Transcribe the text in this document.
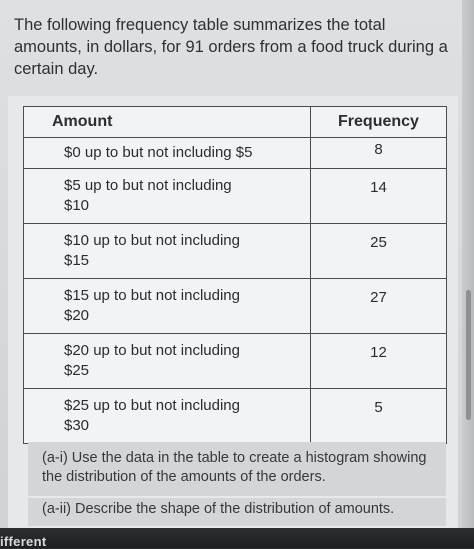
The following frequency table summarizes the total
amounts, in dollars, for 91 orders from a food truck during a
certain day.
Amount	Frequency

$0 up to but not including $5	8

$5 up to but not including
$10	14

$10 up to but not including
$15	25

$15 up to but not including
$20	27

$20 up to but not including
$25	12

$25 up to but not including
$30	5
(a-i) Use the data in the table to create a histogram showing
the distribution of the amounts of the orders.
(a-ii) Describe the shape of the distribution of amounts.
ifferent
